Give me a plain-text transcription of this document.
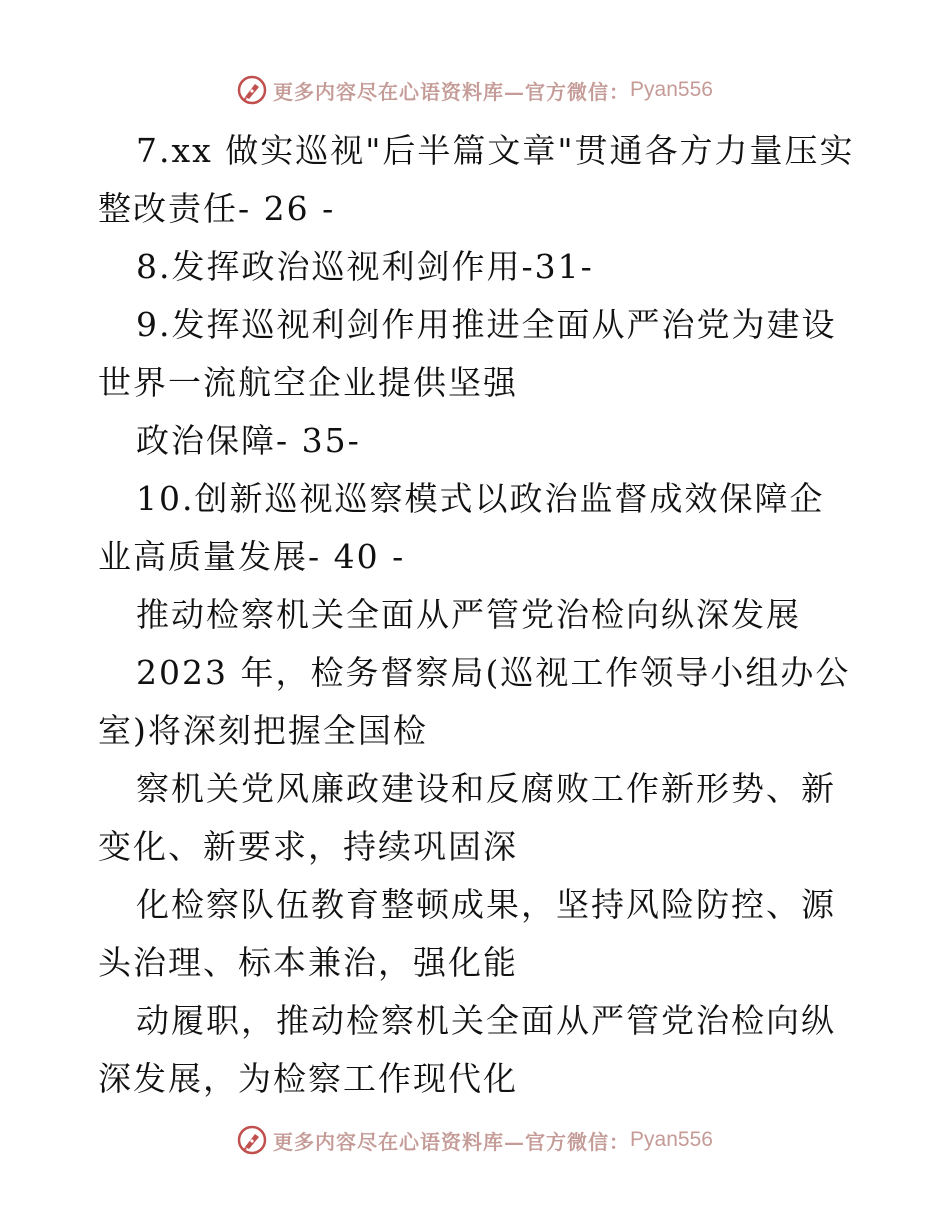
更多内容尽在心语资料库—官方微信： Pyan556

7.xx 做实巡视"后半篇文章"贯通各方力量压实整改责任- 26 -

8.发挥政治巡视利剑作用-31-

9.发挥巡视利剑作用推进全面从严治党为建设世界一流航空企业提供坚强

政治保障- 35-

10.创新巡视巡察模式以政治监督成效保障企业高质量发展- 40 -

推动检察机关全面从严管党治检向纵深发展

2023 年，检务督察局(巡视工作领导小组办公室)将深刻把握全国检

察机关党风廉政建设和反腐败工作新形势、新变化、新要求，持续巩固深

化检察队伍教育整顿成果，坚持风险防控、源头治理、标本兼治，强化能

动履职，推动检察机关全面从严管党治检向纵深发展，为检察工作现代化

更多内容尽在心语资料库—官方微信： Pyan556
